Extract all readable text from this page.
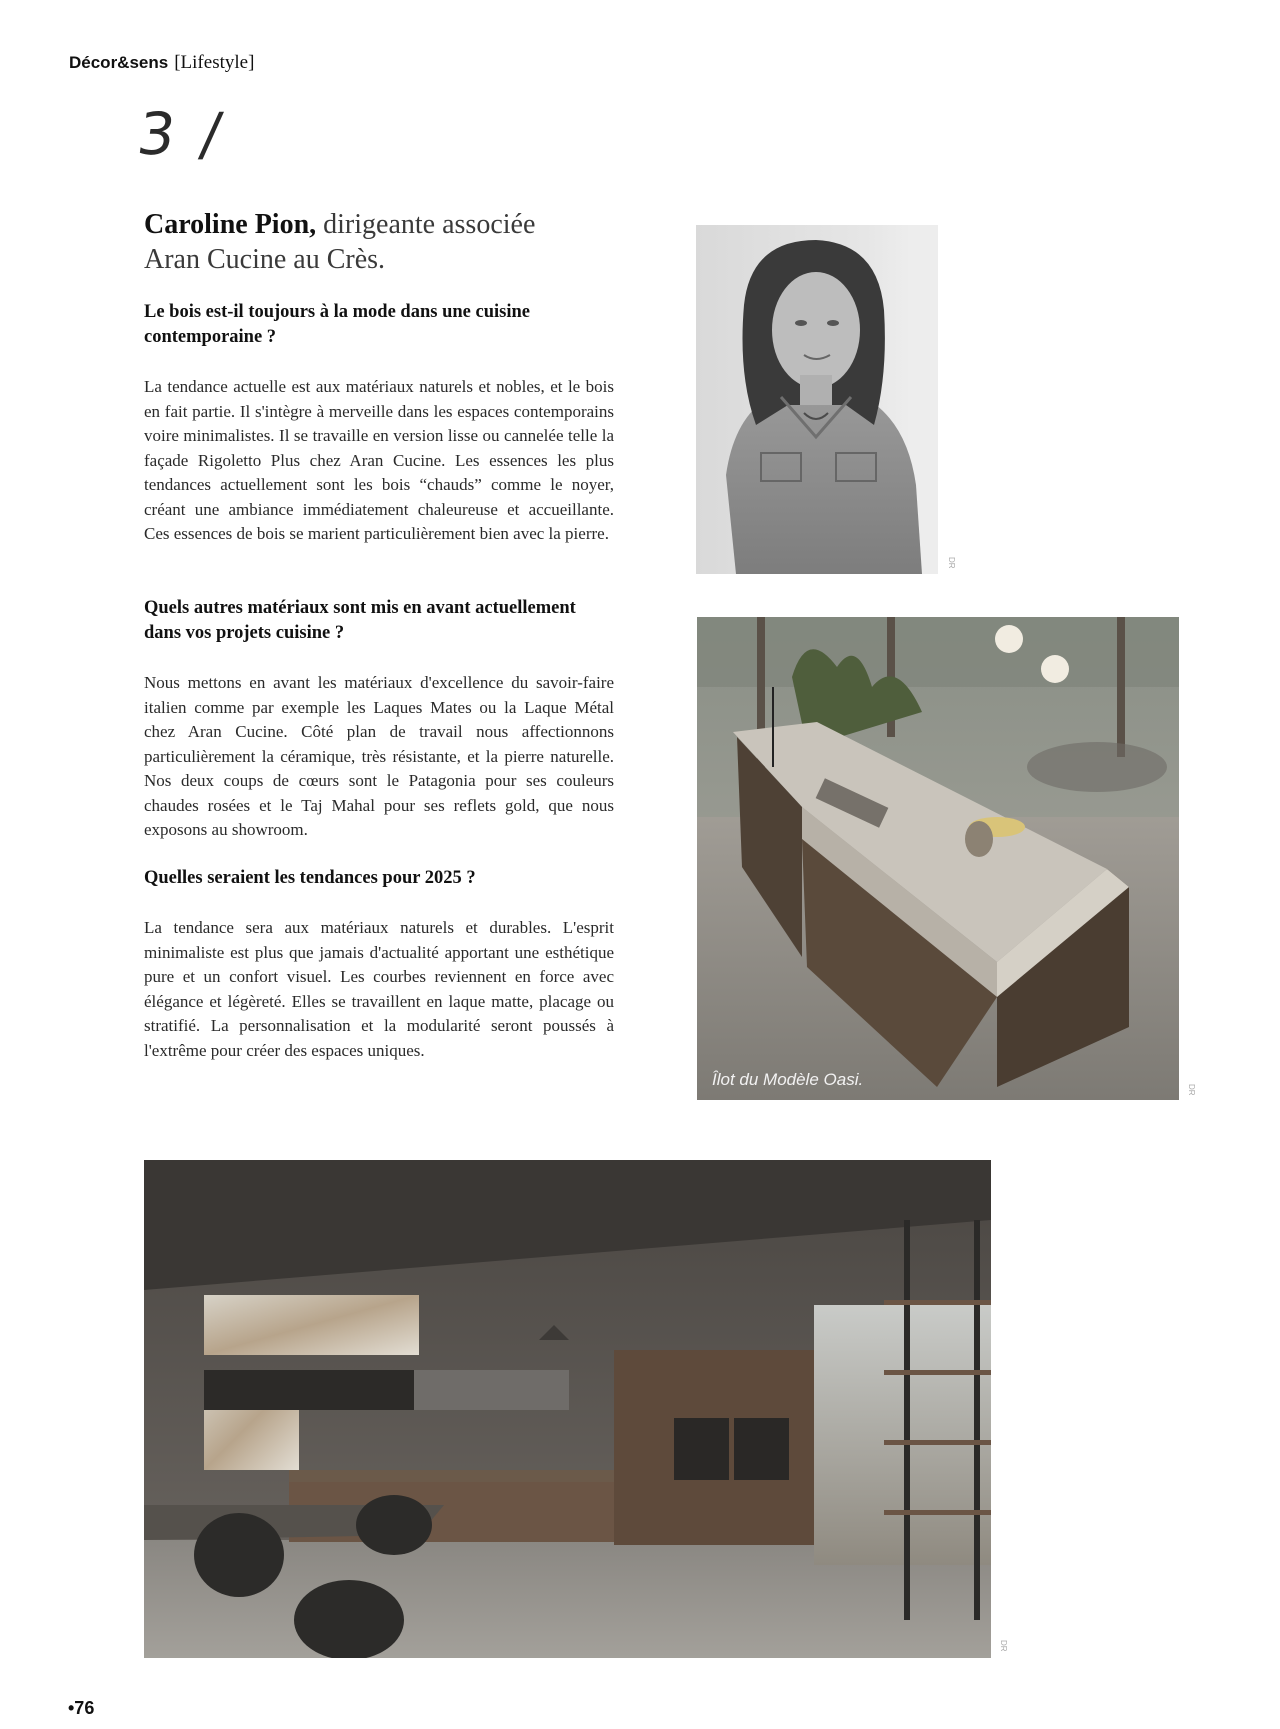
Décor&sens [Lifestyle]
3 /
Caroline Pion, dirigeante associée
Aran Cucine au Crès.

Le bois est-il toujours à la mode dans une cuisine contemporaine ?

La tendance actuelle est aux matériaux naturels et nobles, et le bois en fait partie. Il s'intègre à merveille dans les espaces contemporains voire minimalistes. Il se travaille en version lisse ou cannelée telle la façade Rigoletto Plus chez Aran Cucine. Les essences les plus tendances actuellement sont les bois “chauds” comme le noyer, créant une ambiance immédiatement chaleureuse et accueillante. Ces essences de bois se marient particulièrement bien avec la pierre.

Quels autres matériaux sont mis en avant actuellement dans vos projets cuisine ?

Nous mettons en avant les matériaux d'excellence du savoir-faire italien comme par exemple les Laques Mates ou la Laque Métal chez Aran Cucine. Côté plan de travail nous affectionnons particulièrement la céramique, très résistante, et la pierre naturelle. Nos deux coups de cœurs sont le Patagonia pour ses couleurs chaudes rosées et le Taj Mahal pour ses reflets gold, que nous exposons au showroom.

Quelles seraient les tendances pour 2025 ?

La tendance sera aux matériaux naturels et durables. L'esprit minimaliste est plus que jamais d'actualité apportant une esthétique pure et un confort visuel. Les courbes reviennent en force avec élégance et légèreté. Elles se travaillent en laque matte, placage ou stratifié. La personnalisation et la modularité seront poussés à l'extrême pour créer des espaces uniques.

DR
Îlot du Modèle Oasi.
DR
DR
•76
